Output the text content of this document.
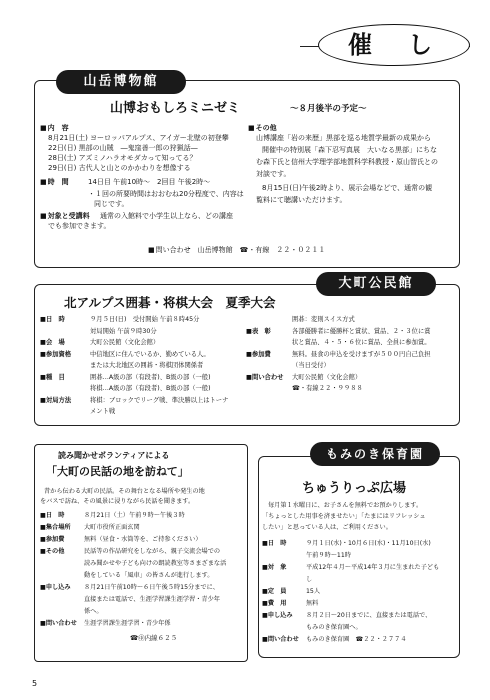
催　し
山岳博物館
山博おもしろミニゼミ	～８月後半の予定～
■ 内　容
8月21日(土) ヨーロッパアルプス、アイガー北壁の初登攀
22日(日) 黒部の山賊　―鬼窪善一郎の狩猟話―
28日(土) アズミノハラオモダカって知ってる？
29日(日) 古代人と山とのかかわりを想像する
■ 時　間	14日目 午前10時～　2回目 午後2時～
・１回の所要時間はおおむね20分程度で、内容は
同じです。
■ 対象と受講料 通常の入館料で小学生以上なら、どの講座
でも参加できます。
■ その他
山博講座「岩の来歴」黒部を巡る地質学最新の成果から
開催中の特別展「森下忍写真展　大いなる黒部」にちな
む森下氏と信州大学理学部地質科学科教授・原山智氏との
対談です。
8月15日(日)午後2時より、展示会場などで、通常の観
覧料にて聴講いただけます。
■ 問い合わせ　山岳博物館　☎・有線　２２・０２１１
大町公民館
北アルプス囲碁・将棋大会　夏季大会
■日　時	９月５日(日)　受付開始 午前８時45分
対局開始 午前９時30分
■会　場	大町公民館（文化会館）
■参加資格	中信地区に住んでいるか、勤めている人。
または大北地区の囲碁・将棋団体関係者
■種　目	囲碁…A級の部（有段者)、B級の部（一般)
将棋…A級の部（有段者)、B級の部（一般)
■対局方法	将棋：ブロックでリーグ戦、準決勝以上はトーナ
メント戦
囲碁：変則スイス方式
■表　彰	各部優勝者に優勝杯と賞状、賞品、２・３位に賞
状と賞品、４・５・６位に賞品、全員に参加賞。
■参加費	無料。昼食の申込を受けますが５００円自己負担
（当日受付）
■問い合わせ 大町公民館（文化会館）
☎・有線２２・９９８８
読み聞かせボランティアによる
「大町の民話の地を訪ねて」
昔から伝わる大町の民話。その舞台となる場所や発生の地
をバスで訪ね、その風景に浸りながら民話を聞きます。
■日　時	８月21日（土）午前９時～午後３時
■集合場所 大町市役所正面玄関
■参加費	無料（昼食・水筒等を、ご持参ください）
■その他	民話等の作品研究をしながら、親子交流会場での
読み聞かせや子ども向けの朗読教室等さまざまな活
動をしている「風車」の皆さんが進行します。
■申し込み ８月21日午前10時～６日午後５時15分までに、
直接または電話で、生涯学習課生涯学習・青少年
係へ。
■問い合わせ 生涯学習課生涯学習・青少年係
☎㊥内線６２５
もみのき保育園
ちゅうりっぷ広場
毎月第１水曜日に、お子さんを無料でお預かりします。
「ちょっとした用事を済ませたい」「たまにはリフレッシュ
したい」と思っている人は、ご利用ください。
■日　時	９月１日(水)・10月６日(水)・11月10日(水)
午前９時～11時
■対　象	平成12年４月～平成14年３月に生まれた子ども
し
■定　員	15人
■費　用	無料
■申し込み ８月２日～20日までに、直接または電話で、
もみのき保育園へ。
■問い合わせ もみのき保育園　☎２２・２７７４
5
